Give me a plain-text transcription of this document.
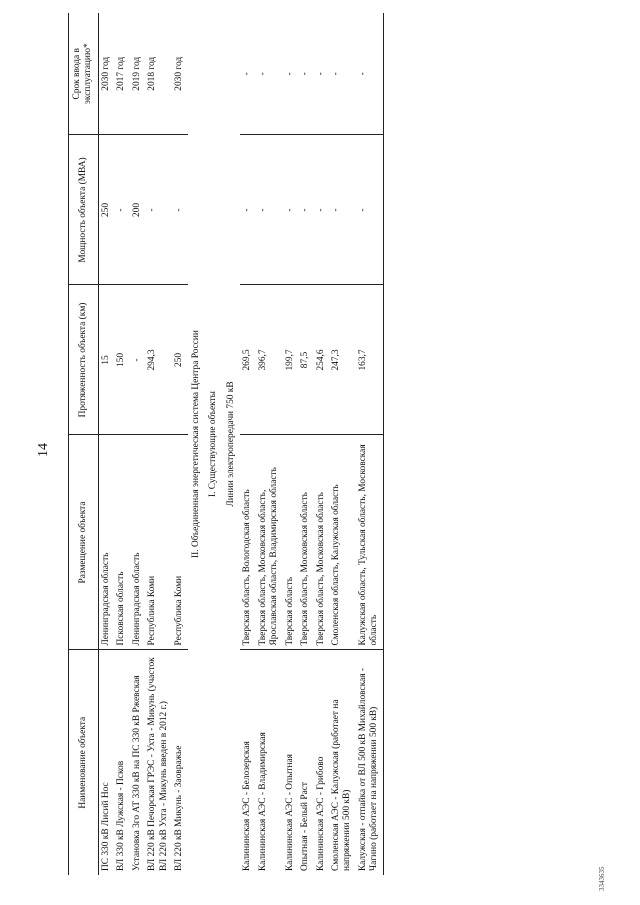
14
Наименование объекта	Размещение объекта	Протяженность объекта (км)	Мощность объекта (МВА)	Срок ввода в эксплуатацию*
ПС 330 кВ Лисий Нос	Ленинградская область	15	250	2030 год
ВЛ 330 кВ Лужская - Псков	Псковская область	150	-	2017 год
Установка 3го АТ 330 кВ на ПС 330 кВ Ржевская	Ленинградская область	-	200	2019 год
ВЛ 220 кВ Печорская ГРЭС - Ухта - Микунь (участок ВЛ 220 кВ Ухта - Микунь введен в 2012 г.)	Республика Коми	294,3	-	2018 год
ВЛ 220 кВ Микунь - Заовражье	Республика Коми	250	-	2030 год
II. Объединенная энергетическая система Центра России				
I. Существующие объекты				
Линии электропередачи 750 кВ				
Калининская АЭС - Белозерская	Тверская область, Вологодская область	269,5	-	-
Калининская АЭС - Владимирская	Тверская область, Московская область, Ярославская область, Владимирская область	396,7	-	-
Калининская АЭС - Опытная	Тверская область	199,7	-	-
Опытная - Белый Раст	Тверская область, Московская область	87,5	-	-
Калининская АЭС - Грибово	Тверская область, Московская область	254,6	-	-
Смоленская АЭС - Калужская (работает на напряжении 500 кВ)	Смоленская область, Калужская область	247,3	-	-
Калужская - отпайка от ВЛ 500 кВ Михайловская - Чагино (работает на напряжении 500 кВ)	Калужская область, Тульская область, Московская область	163,7	-	-
3343635
